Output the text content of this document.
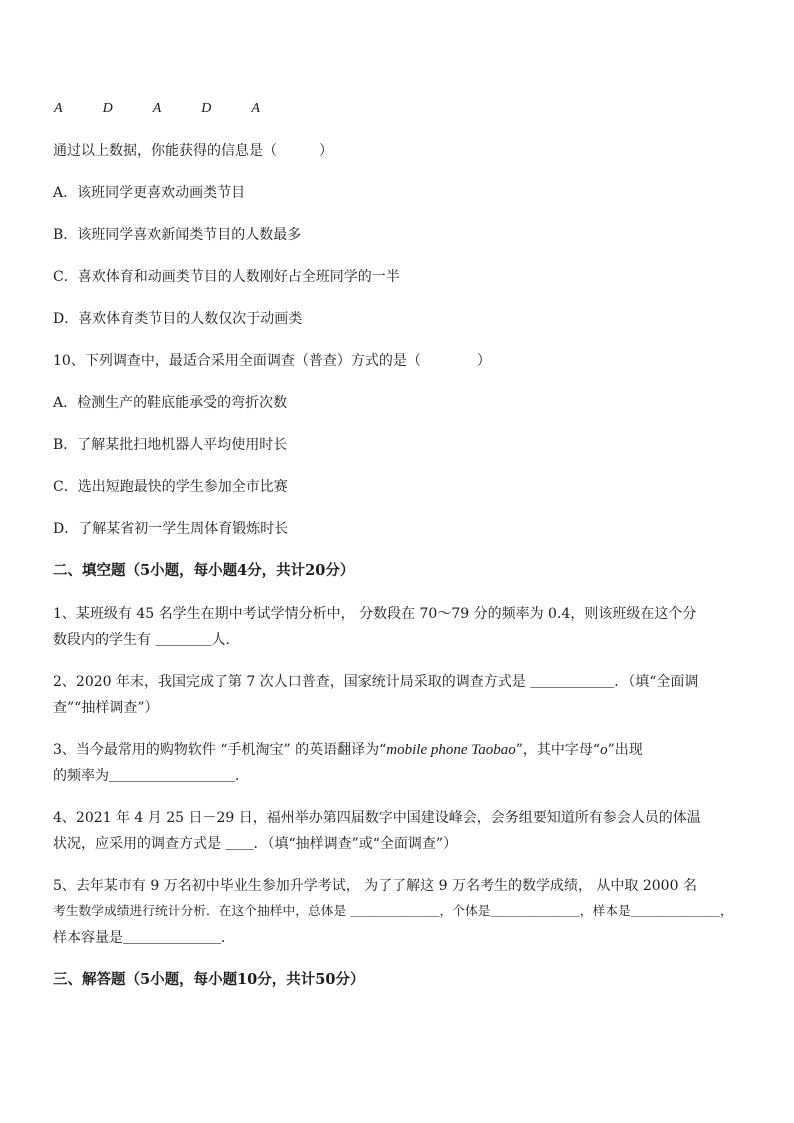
A	D	A	D	A
通过以上数据，你能获得的信息是（　　　）
A．该班同学更喜欢动画类节目
B．该班同学喜欢新闻类节目的人数最多
C．喜欢体育和动画类节目的人数刚好占全班同学的一半
D．喜欢体育类节目的人数仅次于动画类
10、下列调查中，最适合采用全面调查（普查）方式的是（　　　　）
A．检测生产的鞋底能承受的弯折次数
B．了解某批扫地机器人平均使用时长
C．选出短跑最快的学生参加全市比赛
D．了解某省初一学生周体育锻炼时长
二、填空题（5小题，每小题4分，共计20分）
1、某班级有 45 名学生在期中考试学情分析中， 分数段在 70～79 分的频率为 0.4，则该班级在这个分
数段内的学生有 ＿＿＿＿人．
2、2020 年末，我国完成了第 7 次人口普查，国家统计局采取的调查方式是 ＿＿＿＿＿＿．（填“全面调
查”“抽样调查”）
3、当今最常用的购物软件 “手机淘宝” 的英语翻译为“mobile phone Taobao”，其中字母“o”出现
的频率为＿＿＿＿＿＿＿＿＿．
4、2021 年 4 月 25 日－29 日，福州举办第四届数字中国建设峰会，会务组要知道所有参会人员的体温
状况，应采用的调查方式是 ＿＿．（填“抽样调查”或“全面调查”）
5、去年某市有 9 万名初中毕业生参加升学考试， 为了了解这 9 万名考生的数学成绩， 从中取 2000 名
考生数学成绩进行统计分析．在这个抽样中，总体是 ＿＿＿＿＿＿＿，个体是＿＿＿＿＿＿＿，样本是＿＿＿＿＿＿＿，
样本容量是＿＿＿＿＿＿＿．
三、解答题（5小题，每小题10分，共计50分）
